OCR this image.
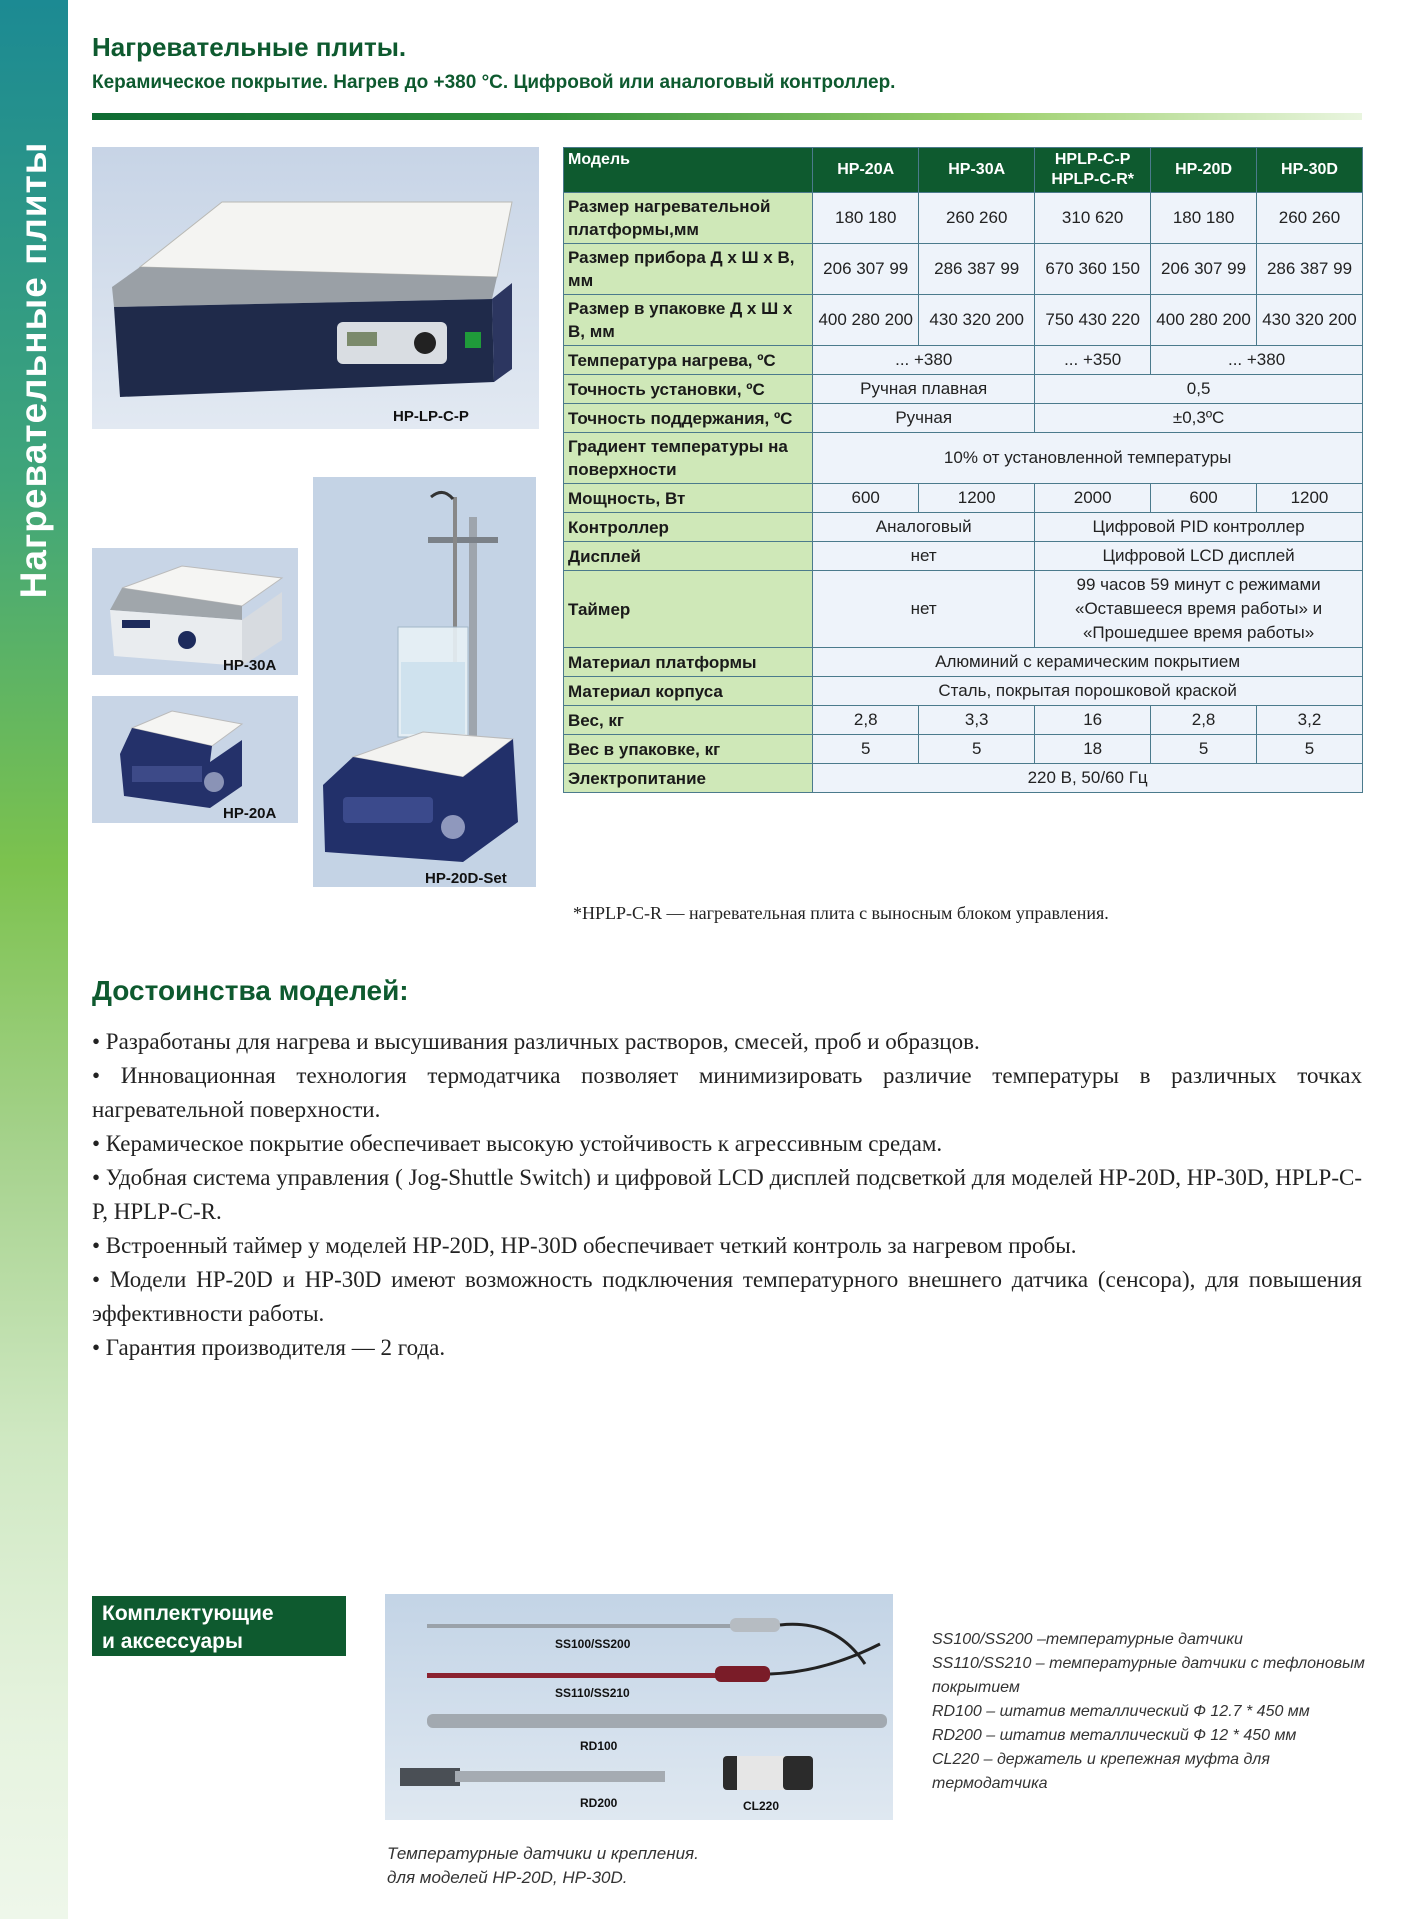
Нагревательные плиты
Нагревательные плиты.
Керамическое покрытие. Нагрев до +380 °С. Цифровой или аналоговый контроллер.
HP-LP-C-P
HP-30A
HP-20A
HP-20D-Set
Модель	HP-20A	HP-30A	HPLP-C-P HPLP-C-R*	HP-20D	HP-30D
Размер нагревательной платформы,мм	180 180	260 260	310 620	180 180	260 260
Размер прибора Д х Ш х В, мм	206 307 99	286 387 99	670 360 150	206 307 99	286 387 99
Размер в упаковке Д х Ш х В, мм	400 280 200	430 320 200	750 430 220	400 280 200	430 320 200
Температура нагрева, ºС	... +380		... +350	... +380	
Точность установки, ºС	Ручная плавная		0,5		
Точность поддержания, ºС	Ручная		±0,3ºС		
Градиент температуры на поверхности	10% от установленной температуры				
Мощность, Вт	600	1200	2000	600	1200
Контроллер	Аналоговый		Цифровой PID контроллер		
Дисплей	нет		Цифровой LCD дисплей		
Таймер	нет		99 часов 59 минут с режимами «Оставшееся время работы» и «Прошедшее время работы»		
Материал платформы	Алюминий с керамическим покрытием				
Материал корпуса	Сталь, покрытая порошковой краской				
Вес, кг	2,8	3,3	16	2,8	3,2
Вес в упаковке, кг	5	5	18	5	5
Электропитание	220 В, 50/60 Гц				
*HPLP-C-R — нагревательная плита с выносным блоком управления.
Достоинства моделей:
• Разработаны для нагрева и высушивания различных растворов, смесей, проб и образцов.
• Инновационная технология термодатчика позволяет минимизировать различие температуры в различных точках нагревательной поверхности.
• Керамическое покрытие обеспечивает высокую устойчивость к агрессивным средам.
• Удобная система управления ( Jog-Shuttle Switch) и цифровой LCD дисплей подсветкой для моделей HP-20D, HP-30D, HPLP-C-P, HPLP-C-R.
• Встроенный таймер у моделей HP-20D, HP-30D обеспечивает четкий контроль за нагревом пробы.
• Модели HP-20D и HP-30D имеют возможность подключения температурного внешнего датчика (сенсора), для повышения эффективности работы.
• Гарантия производителя — 2 года.
Комплектующие
и аксессуары	SS100/SS200
SS110/SS210
RD100
RD200	CL220
SS100/SS200 –температурные датчики
SS110/SS210 – температурные датчики с тефлоновым покрытием
RD100 – штатив металлический Ф 12.7 * 450 мм
RD200 – штатив металлический Ф 12 * 450 мм
CL220 – держатель и крепежная муфта для термодатчика
Температурные датчики и крепления.
для моделей HP-20D, HP-30D.
